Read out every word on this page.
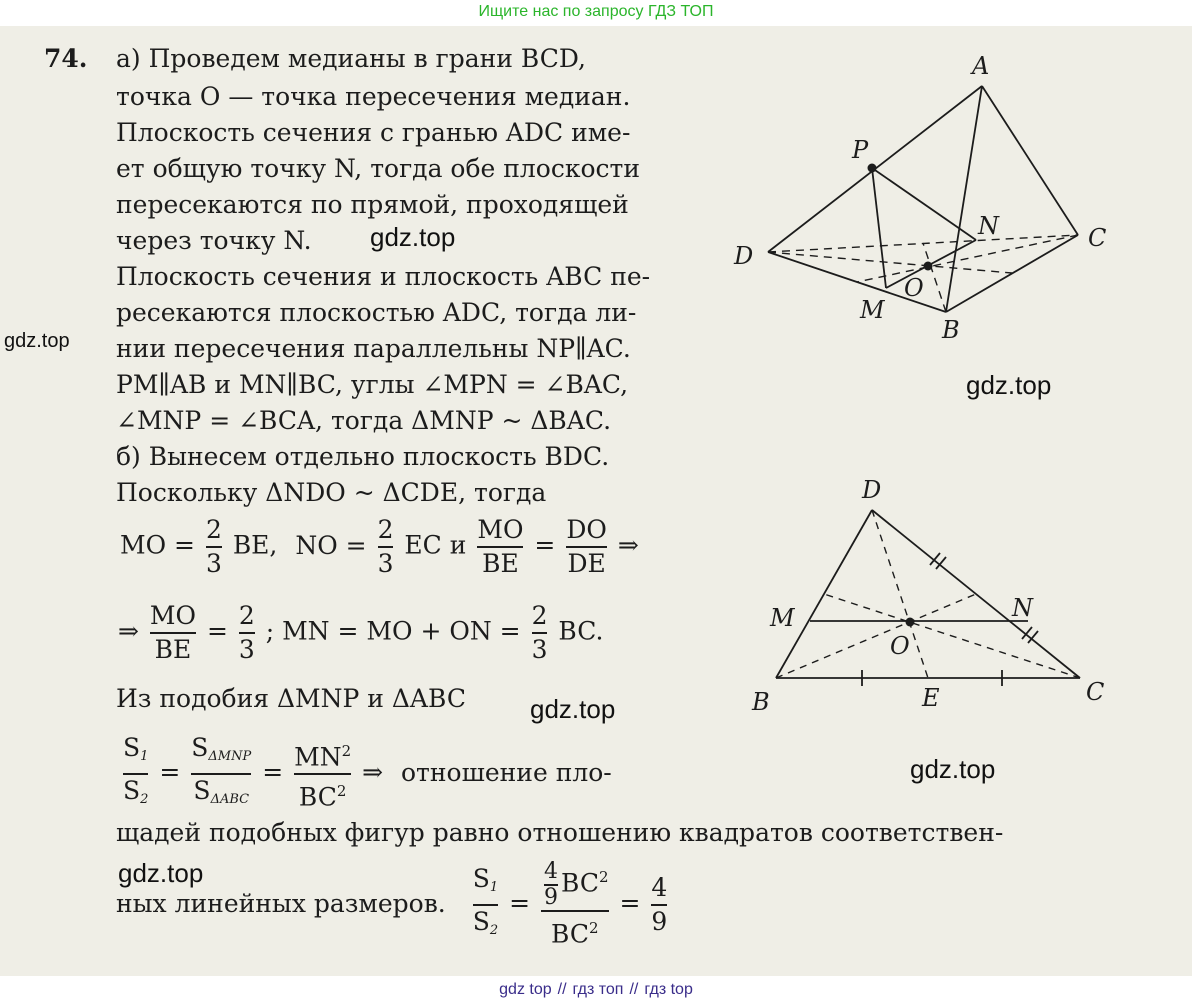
Ищите нас по запросу ГДЗ ТОП
74. а) Проведем медианы в грани BCD,
точка O — точка пересечения медиан.
Плоскость сечения с гранью ADC име-
ет общую точку N, тогда обе плоскости
пересекаются по прямой, проходящей
через точку N.
Плоскость сечения и плоскость ABC пе-
ресекаются плоскостью ADC, тогда ли-
нии пересечения параллельны NP∥AC.
PM∥AB и MN∥BC, углы ∠MPN = ∠BAC,
∠MNP = ∠BCA, тогда ΔMNP ~ ΔBAC.
б) Вынесем отдельно плоскость BDC.
Поскольку ΔNDO ~ ΔCDE, тогда
MO = $\frac{2}{3}$ BE, NO = $\frac{2}{3}$ EC и $\frac{MO}{BE} = \frac{DO}{DE}$ ⇒
⇒ $\frac{MO}{BE} = \frac{2}{3}$ ; MN = MO + ON = $\frac{2}{3}$ BC.
Из подобия ΔMNP и ΔABC
$\frac{S_1}{S_2} = \frac{S_{\Delta MNP}}{S_{\Delta ABC}} = \frac{MN^2}{BC^2}$ ⇒ отношение пло-
щадей подобных фигур равно отношению квадратов соответствен-
ных линейных размеров. $\frac{S_1}{S_2} = \frac{\frac{4}{9} BC^2}{BC^2} = \frac{4}{9}$
A
P
N	C
D
O
M
B
D
M	N
O
B	E	C
gdz.top
gdz.top
gdz.top
gdz.top
gdz.top
gdz.top
gdz top // гдз топ // гдз top
